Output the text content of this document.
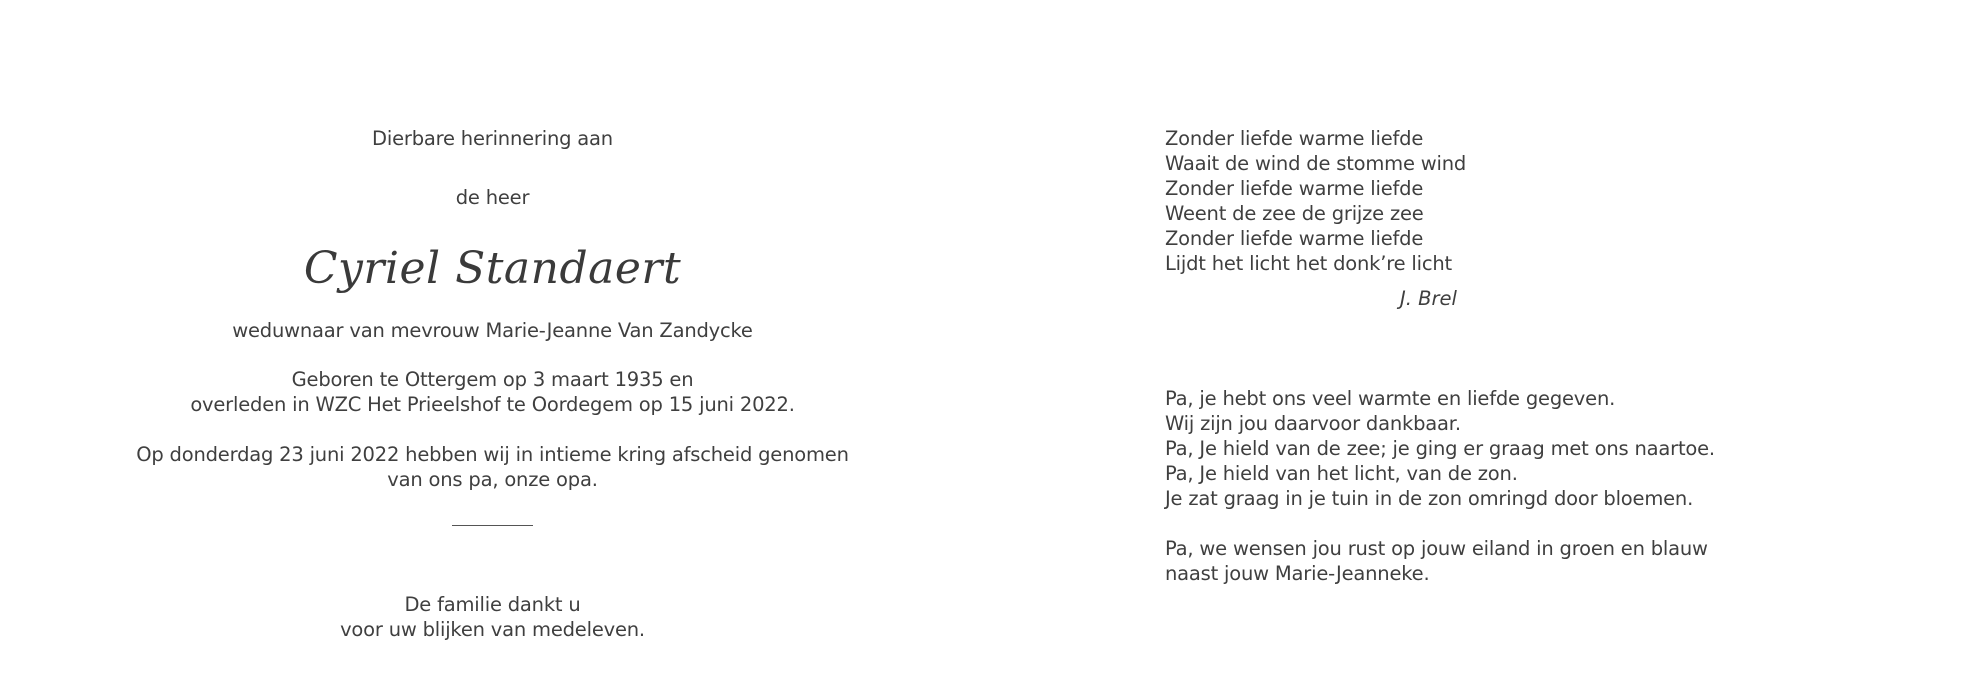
Dierbare herinnering aan
de heer
Cyriel Standaert
weduwnaar van mevrouw Marie-Jeanne Van Zandycke
Geboren te Ottergem op 3 maart 1935 en
overleden in WZC Het Prieelshof te Oordegem op 15 juni 2022.
Op donderdag 23 juni 2022 hebben wij in intieme kring afscheid genomen
van ons pa, onze opa.
De familie dankt u
voor uw blijken van medeleven.
Zonder liefde warme liefde
Waait de wind de stomme wind
Zonder liefde warme liefde
Weent de zee de grijze zee
Zonder liefde warme liefde
Lijdt het licht het donk’re licht
J. Brel
Pa, je hebt ons veel warmte en liefde gegeven.
Wij zijn jou daarvoor dankbaar.
Pa, Je hield van de zee; je ging er graag met ons naartoe.
Pa, Je hield van het licht, van de zon.
Je zat graag in je tuin in de zon omringd door bloemen.
Pa, we wensen jou rust op jouw eiland in groen en blauw
naast jouw Marie-Jeanneke.
